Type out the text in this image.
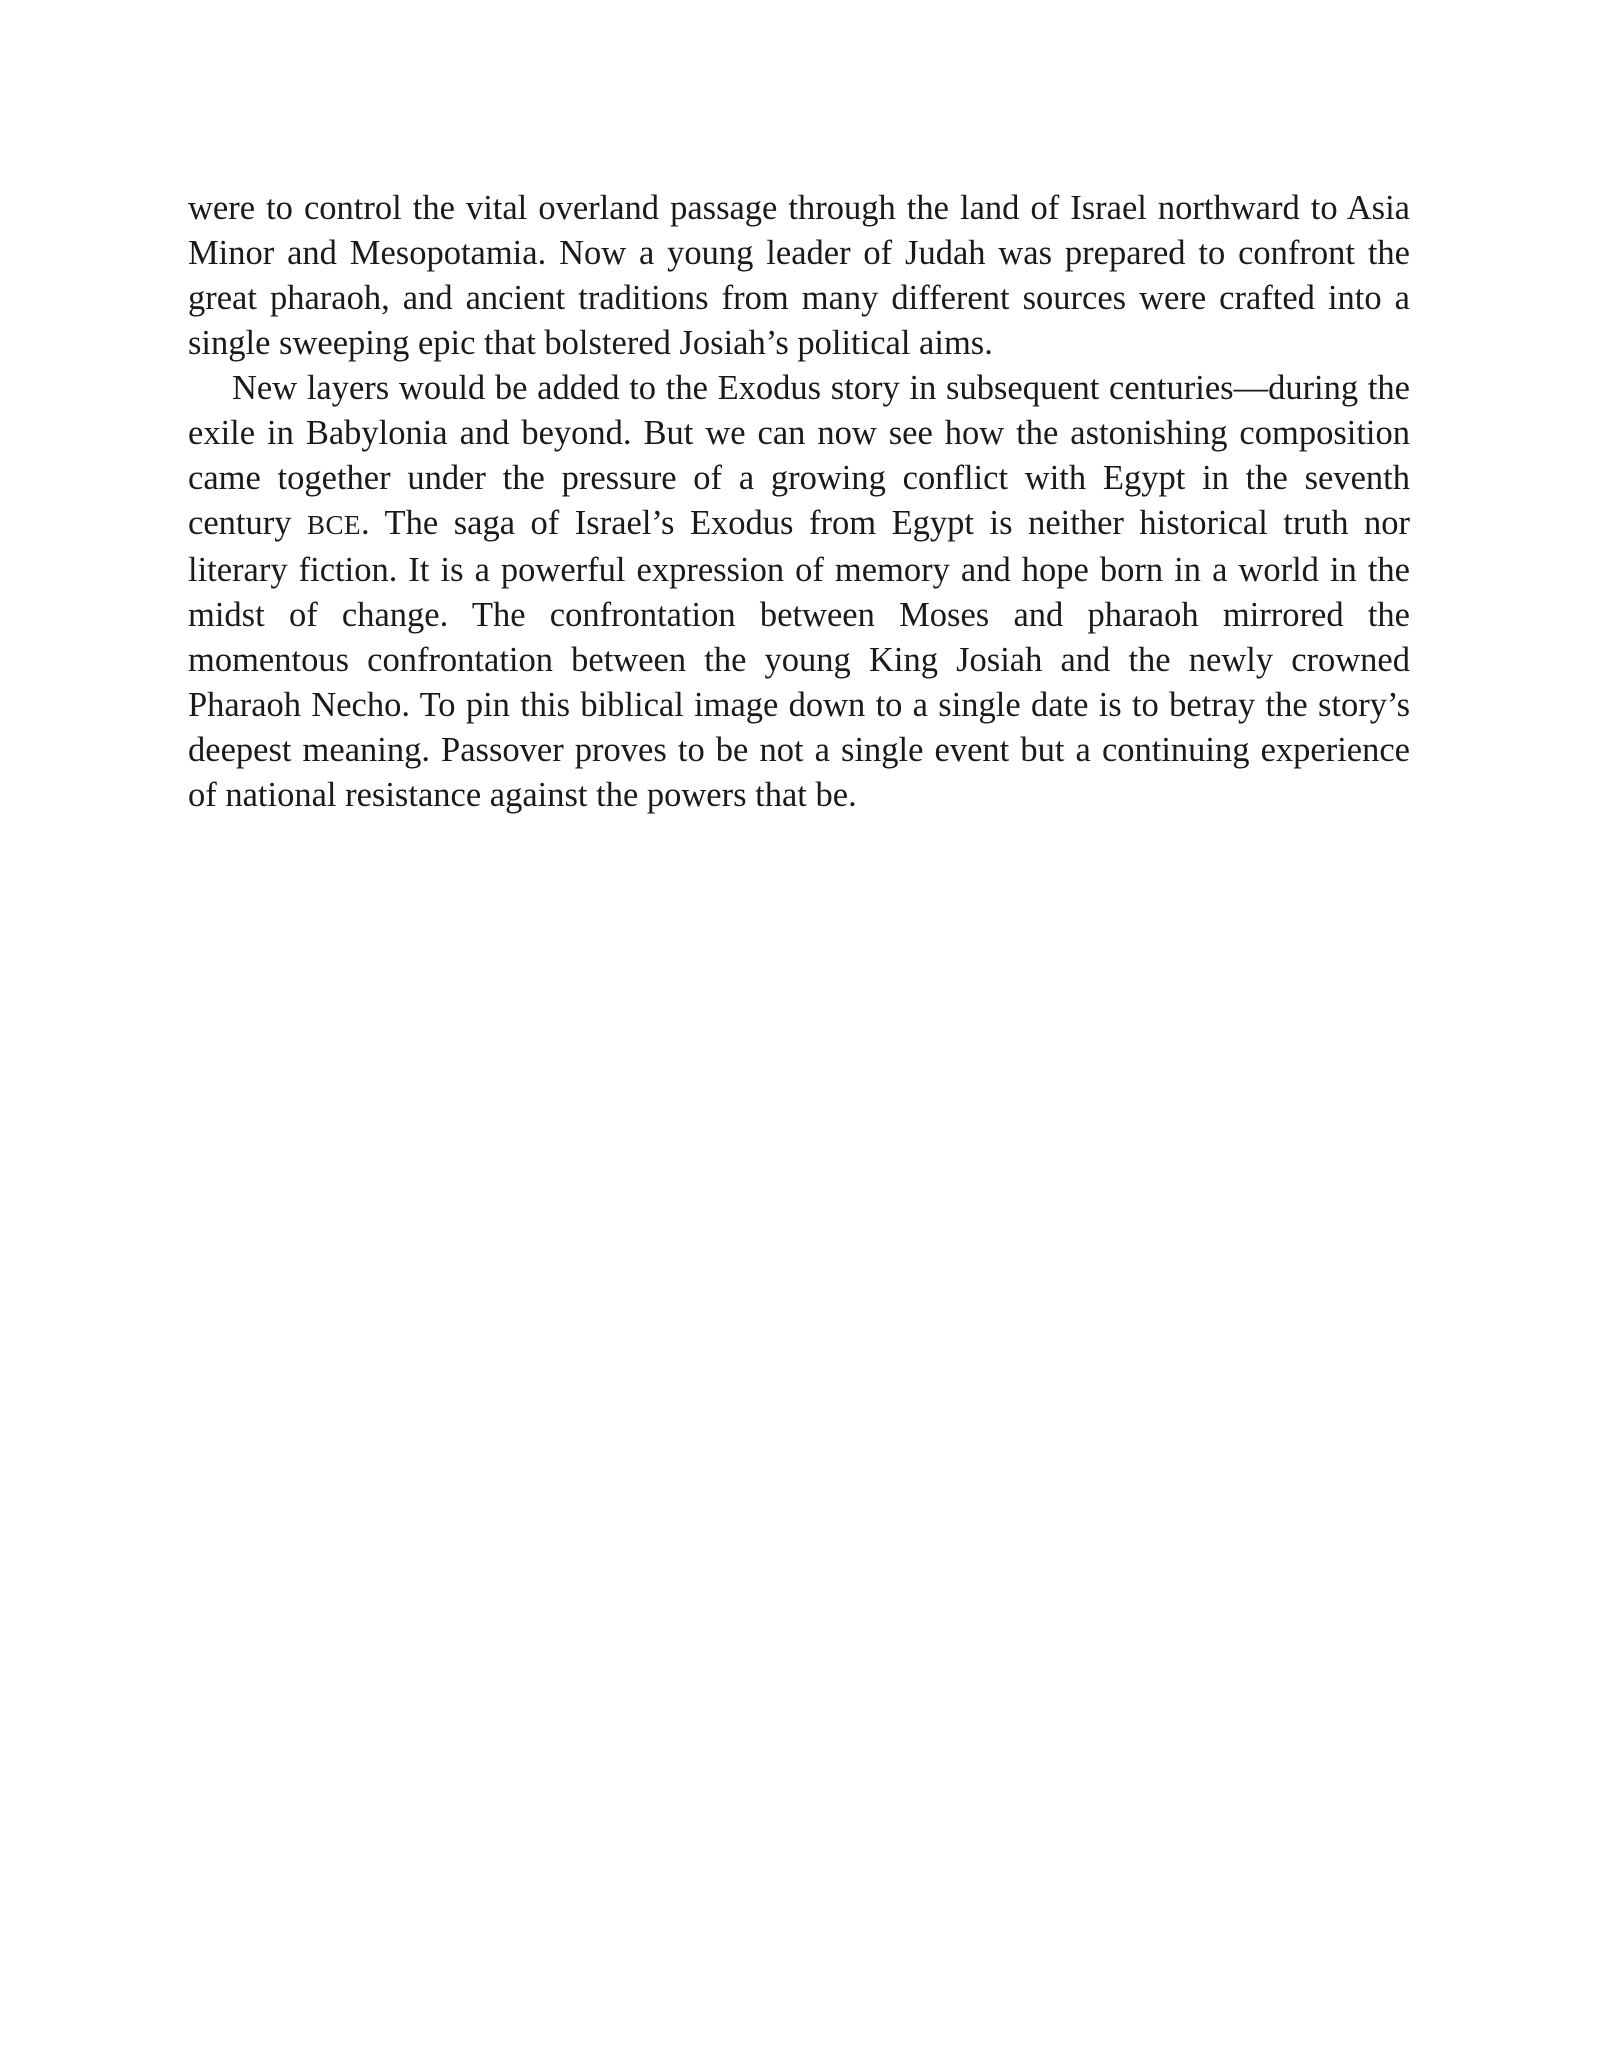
were to control the vital overland passage through the land of Israel northward to Asia Minor and Mesopotamia. Now a young leader of Judah was prepared to confront the great pharaoh, and ancient traditions from many different sources were crafted into a single sweeping epic that bolstered Josiah’s political aims.

New layers would be added to the Exodus story in subsequent centuries—during the exile in Babylonia and beyond. But we can now see how the astonishing composition came together under the pressure of a growing conflict with Egypt in the seventh century BCE. The saga of Israel’s Exodus from Egypt is neither historical truth nor literary fiction. It is a powerful expression of memory and hope born in a world in the midst of change. The confrontation between Moses and pharaoh mirrored the momentous confrontation between the young King Josiah and the newly crowned Pharaoh Necho. To pin this biblical image down to a single date is to betray the story’s deepest meaning. Passover proves to be not a single event but a continuing experience of national resistance against the powers that be.
